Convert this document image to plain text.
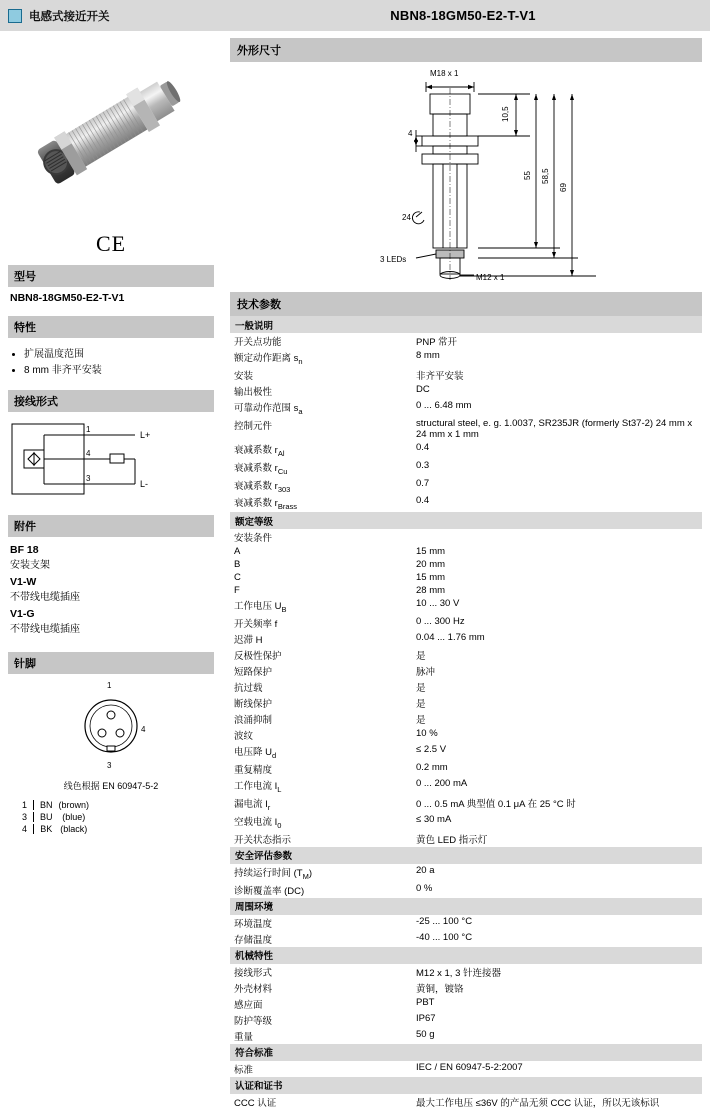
电感式接近开关	NBN8-18GM50-E2-T-V1
CE
型号
NBN8-18GM50-E2-T-V1
特性
• 扩展温度范围
• 8 mm 非齐平安装
接线形式
1
4
3
L+
L-
附件
BF 18
安装支架
V1-W
不带线电缆插座
V1-G
不带线电缆插座
针脚
1
4
3
线色根据 EN 60947-5-2
1	BN	(brown)
3	BU	(blue)
4	BK	(black)
外形尺寸
M18 x 1
4
24
3 LEDs
M12 x 1
10,5
55 58,5
69
技术参数
一般说明	
开关点功能	PNP 常开
额定动作距离 $s_n$	8 mm
安装	非齐平安装
输出极性	DC
可靠动作范围 $s_a$	0 ... 6.48 mm
控制元件	structural steel, e. g. 1.0037, SR235JR (formerly St37-2) 24 mm x 24 mm x 1 mm
衰减系数 $r_{Al}$	0.4
衰减系数 $r_{Cu}$	0.3
衰减系数 $r_{303}$	0.7
衰减系数 $r_{Brass}$	0.4
额定等级	
安装条件	
A	15 mm
B	20 mm
C	15 mm
F	28 mm
工作电压 $U_B$	10 ... 30 V
开关频率 f	0 ... 300 Hz
迟滞 H	0.04 ... 1.76 mm
反极性保护	是
短路保护	脉冲
抗过载	是
断线保护	是
浪涌抑制	是
波纹	10 %
电压降 $U_d$	≤ 2.5 V
重复精度	0.2 mm
工作电流 $I_L$	0 ... 200 mA
漏电流 $I_r$	0 ... 0.5 mA 典型值 0.1 μA 在 25 °C 时
空载电流 $I_0$	≤ 30 mA
开关状态指示	黄色 LED 指示灯
安全评估参数	
持续运行时间 $(T_M)$	20 a
诊断覆盖率 (DC)	0 %
周围环境	
环境温度	-25 ... 100 °C
存储温度	-40 ... 100 °C
机械特性	
接线形式	M12 x 1, 3 针连接器
外壳材料	黄铜，镀铬
感应面	PBT
防护等级	IP67
重量	50 g
符合标准	
标准	IEC / EN 60947-5-2:2007
认证和证书	
CCC 认证	最大工作电压 ≤36V 的产品无须 CCC 认证，所以无该标识
